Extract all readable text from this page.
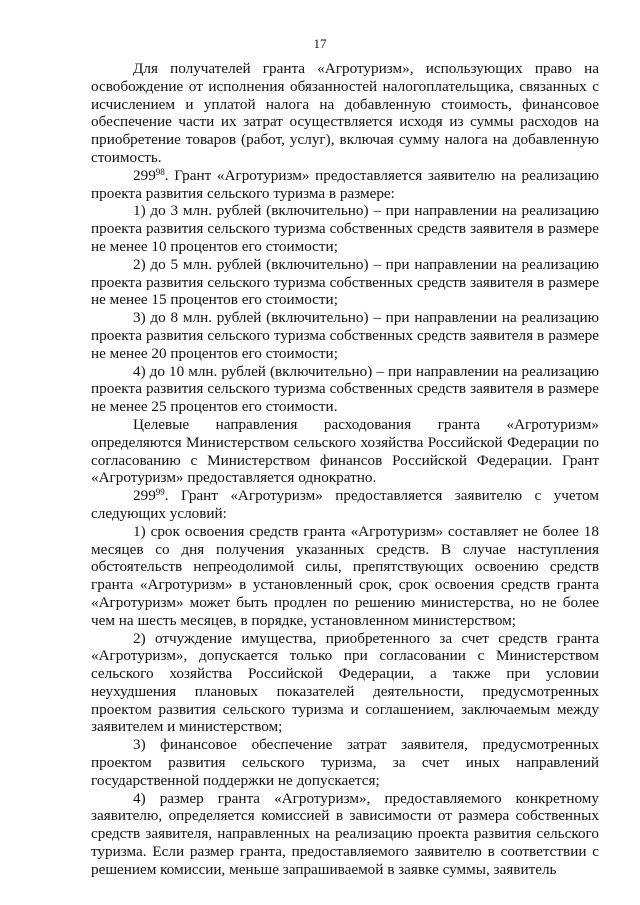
17

Для получателей гранта «Агротуризм», использующих право на освобождение от исполнения обязанностей налогоплательщика, связанных с исчислением и уплатой налога на добавленную стоимость, финансовое обеспечение части их затрат осуществляется исходя из суммы расходов на приобретение товаров (работ, услуг), включая сумму налога на добавленную стоимость.

$299^{98}$. Грант «Агротуризм» предоставляется заявителю на реализацию проекта развития сельского туризма в размере:

1) до 3 млн. рублей (включительно) – при направлении на реализацию проекта развития сельского туризма собственных средств заявителя в размере не менее 10 процентов его стоимости;

2) до 5 млн. рублей (включительно) – при направлении на реализацию проекта развития сельского туризма собственных средств заявителя в размере не менее 15 процентов его стоимости;

3) до 8 млн. рублей (включительно) – при направлении на реализацию проекта развития сельского туризма собственных средств заявителя в размере не менее 20 процентов его стоимости;

4) до 10 млн. рублей (включительно) – при направлении на реализацию проекта развития сельского туризма собственных средств заявителя в размере не менее 25 процентов его стоимости.

Целевые направления расходования гранта «Агротуризм» определяются Министерством сельского хозяйства Российской Федерации по согласованию с Министерством финансов Российской Федерации. Грант «Агротуризм» предоставляется однократно.

$299^{99}$. Грант «Агротуризм» предоставляется заявителю с учетом следующих условий:

1) срок освоения средств гранта «Агротуризм» составляет не более 18 месяцев со дня получения указанных средств. В случае наступления обстоятельств непреодолимой силы, препятствующих освоению средств гранта «Агротуризм» в установленный срок, срок освоения средств гранта «Агротуризм» может быть продлен по решению министерства, но не более чем на шесть месяцев, в порядке, установленном министерством;

2) отчуждение имущества, приобретенного за счет средств гранта «Агротуризм», допускается только при согласовании с Министерством сельского хозяйства Российской Федерации, а также при условии неухудшения плановых показателей деятельности, предусмотренных проектом развития сельского туризма и соглашением, заключаемым между заявителем и министерством;

3) финансовое обеспечение затрат заявителя, предусмотренных проектом развития сельского туризма, за счет иных направлений государственной поддержки не допускается;

4) размер гранта «Агротуризм», предоставляемого конкретному заявителю, определяется комиссией в зависимости от размера собственных средств заявителя, направленных на реализацию проекта развития сельского туризма. Если размер гранта, предоставляемого заявителю в соответствии с решением комиссии, меньше запрашиваемой в заявке суммы, заявитель
